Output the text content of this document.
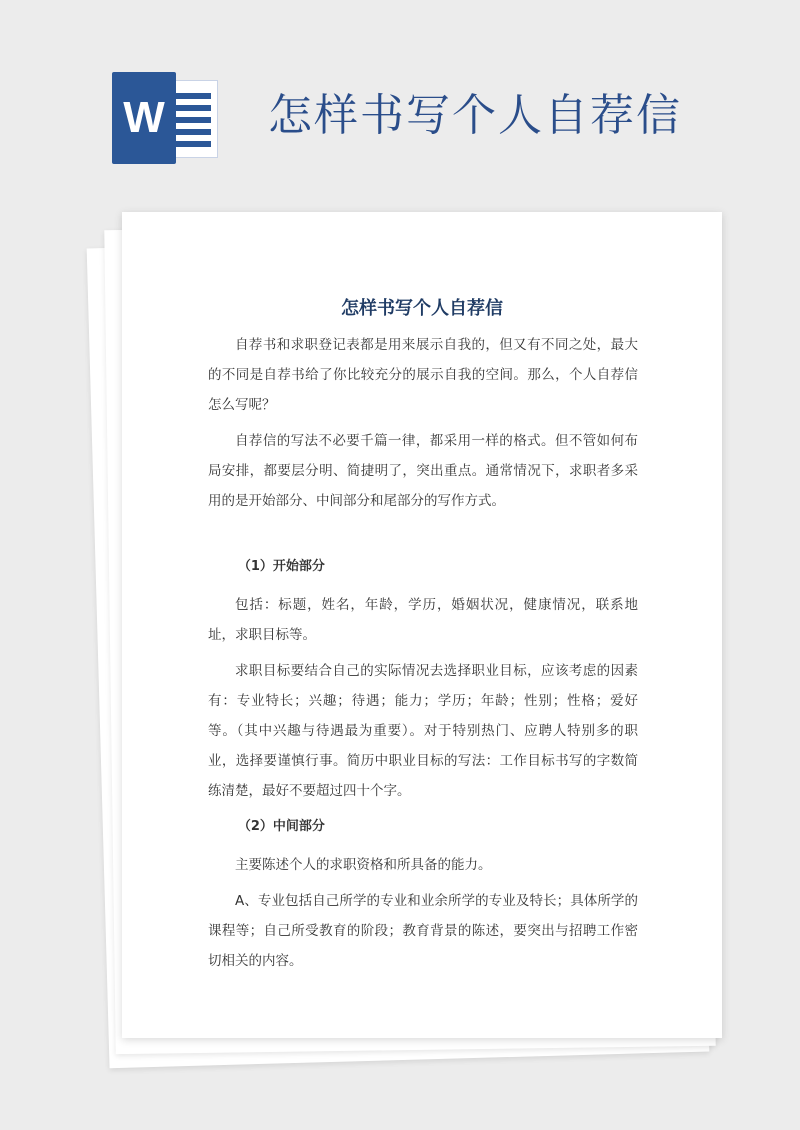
W 怎样书写个人自荐信
怎样书写个人自荐信

自荐书和求职登记表都是用来展示自我的，但又有不同之处，最大的不同是自荐书给了你比较充分的展示自我的空间。那么，个人自荐信怎么写呢？

自荐信的写法不必要千篇一律，都采用一样的格式。但不管如何布局安排，都要层分明、简捷明了，突出重点。通常情况下，求职者多采用的是开始部分、中间部分和尾部分的写作方式。

（1）开始部分

包括：标题，姓名，年龄，学历，婚姻状况，健康情况，联系地址，求职目标等。

求职目标要结合自己的实际情况去选择职业目标，应该考虑的因素有：专业特长；兴趣；待遇；能力；学历；年龄；性别；性格；爱好等。（其中兴趣与待遇最为重要）。对于特别热门、应聘人特别多的职业，选择要谨慎行事。简历中职业目标的写法：工作目标书写的字数简练清楚，最好不要超过四十个字。

（2）中间部分

主要陈述个人的求职资格和所具备的能力。

A、专业包括自己所学的专业和业余所学的专业及特长；具体所学的课程等；自己所受教育的阶段；教育背景的陈述，要突出与招聘工作密切相关的内容。
